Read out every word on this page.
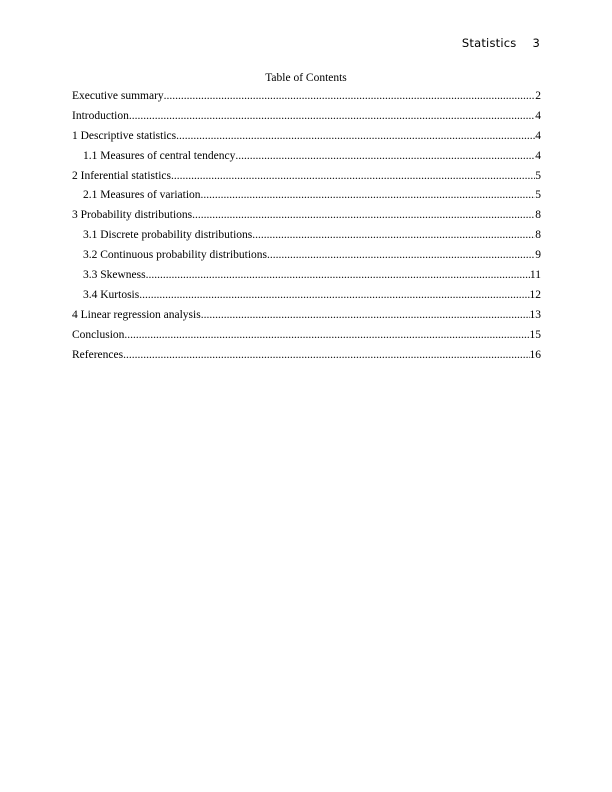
Statistics 3
Table of Contents
Executive summary .....	2
Introduction .....	4
1 Descriptive statistics .....	4
1.1 Measures of central tendency .....	4
2 Inferential statistics .....	5
2.1 Measures of variation .....	5
3 Probability distributions .....	8
3.1 Discrete probability distributions .....	8
3.2 Continuous probability distributions .....	9
3.3 Skewness .....	11
3.4 Kurtosis .....	12
4 Linear regression analysis .....	13
Conclusion .....	15
References .....	16
